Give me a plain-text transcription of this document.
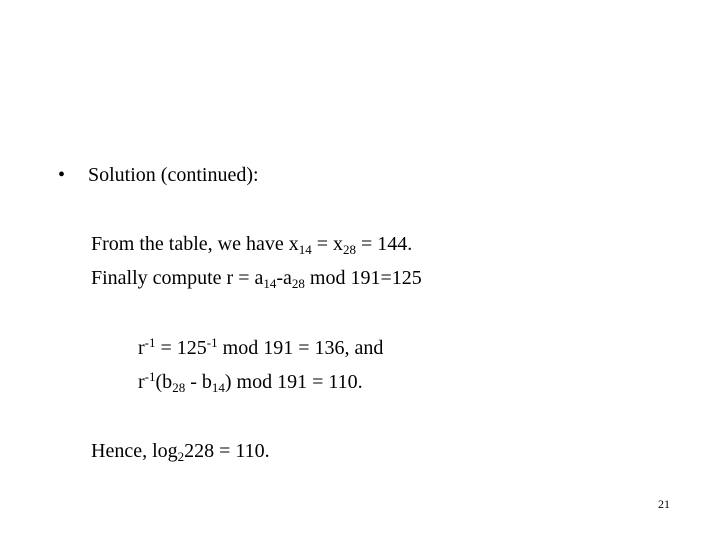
• Solution (continued):
From the table, we have $x_{14} = x_{28} = 144$.
Finally compute $r = a_{14}-a_{28}$ mod 191=125
$r^{-1} = 125^{-1}$ mod 191 = 136, and
$r^{-1}(b_{28} - b_{14})$ mod 191 = 110.
Hence, $\log_2228 = 110$.
21
